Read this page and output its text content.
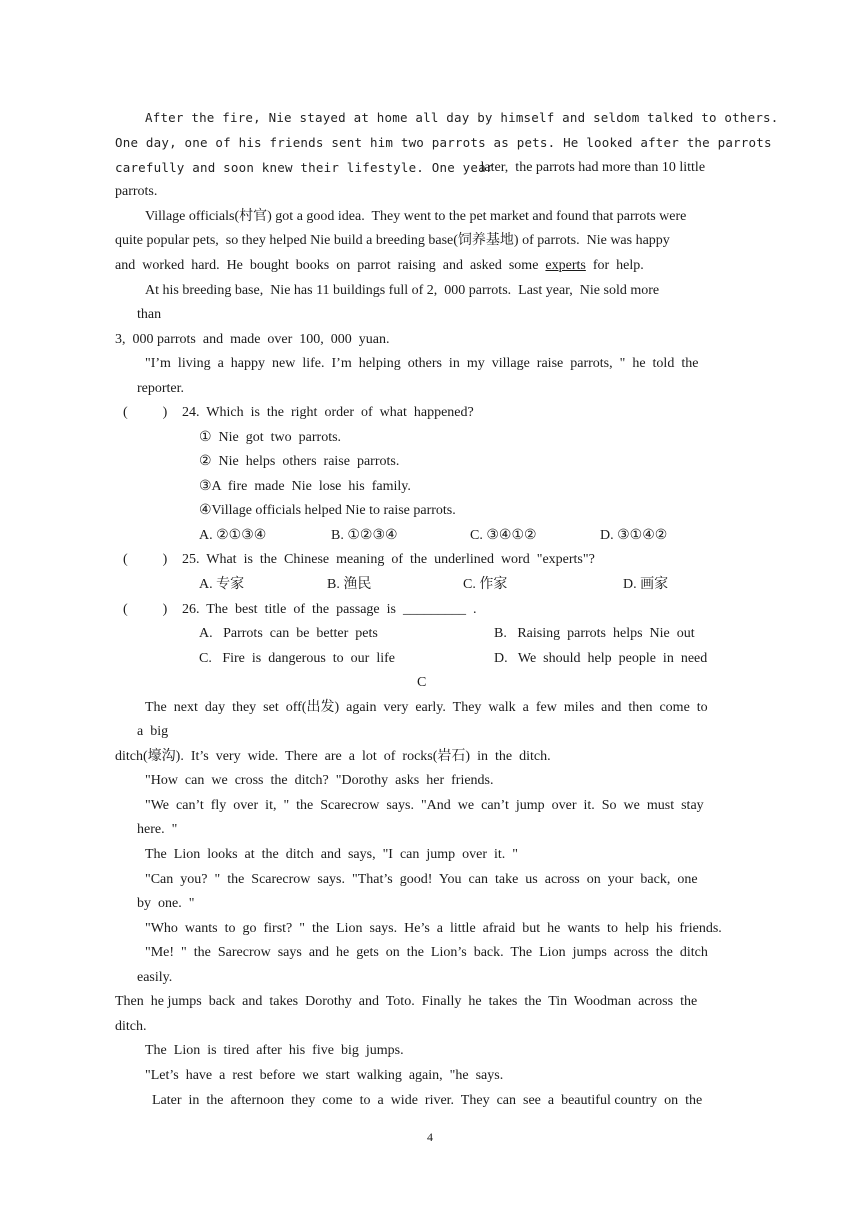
After the fire, Nie stayed at home all day by himself and seldom talked to others.
One day, one of his friends sent him two parrots as pets. He looked after the parrots
carefully and soon knew their lifestyle. One year
later,  the parrots had more than 10 little
parrots.
Village officials(村官) got a good idea.  They went to the pet market and found that parrots were
quite popular pets,  so they helped Nie build a breeding base(饲养基地) of parrots.  Nie was happy
and  worked  hard.  He  bought  books  on  parrot  raising  and  asked  some  experts  for  help.
At his breeding base,  Nie has 11 buildings full of 2,  000 parrots.  Last year,  Nie sold more
than
3,  000 parrots  and  made  over  100,  000  yuan.
"I’m  living  a  happy  new  life.  I’m  helping  others  in  my  village  raise  parrots,  "  he  told  the
reporter.
(          ) 24.  Which  is  the  right  order  of  what  happened?
①  Nie  got  two  parrots.
②  Nie  helps  others  raise  parrots.
③A  fire  made  Nie  lose  his  family.
④Village officials helped Nie to raise parrots.
A. ②①③④	B. ①②③④	C. ③④①②	D. ③①④②
(          ) 25.  What  is  the  Chinese  meaning  of  the  underlined  word  "experts"?
A. 专家	B. 渔民	C. 作家	D. 画家
(          ) 26.  The  best  title  of  the  passage  is  _________  .
A.   Parrots  can  be  better  pets	B.   Raising  parrots  helps  Nie  out
C.   Fire  is  dangerous  to  our  life	D.   We  should  help  people  in  need
C
The  next  day  they  set  off(出发)  again  very  early.  They  walk  a  few  miles  and  then  come  to
a  big
ditch(壕沟).  It’s  very  wide.  There  are  a  lot  of  rocks(岩石)  in  the  ditch.
"How  can  we  cross  the  ditch?  "Dorothy  asks  her  friends.
"We  can’t  fly  over  it,  "  the  Scarecrow  says.  "And  we  can’t  jump  over  it.  So  we  must  stay
here.  "
The  Lion  looks  at  the  ditch  and  says,  "I  can  jump  over  it.  "
"Can  you?  "  the  Scarecrow  says.  "That’s  good!  You  can  take  us  across  on  your  back,  one
by  one.  "
"Who  wants  to  go  first?  "  the  Lion  says.  He’s  a  little  afraid  but  he  wants  to  help  his  friends.
"Me!  "  the  Sarecrow  says  and  he  gets  on  the  Lion’s  back.  The  Lion  jumps  across  the  ditch
easily.
Then  he jumps  back  and  takes  Dorothy  and  Toto.  Finally  he  takes  the  Tin  Woodman  across  the
ditch.
The  Lion  is  tired  after  his  five  big  jumps.
"Let’s  have  a  rest  before  we  start  walking  again,  "he  says.
Later  in  the  afternoon  they  come  to  a  wide  river.  They  can  see  a  beautiful country  on  the
4
